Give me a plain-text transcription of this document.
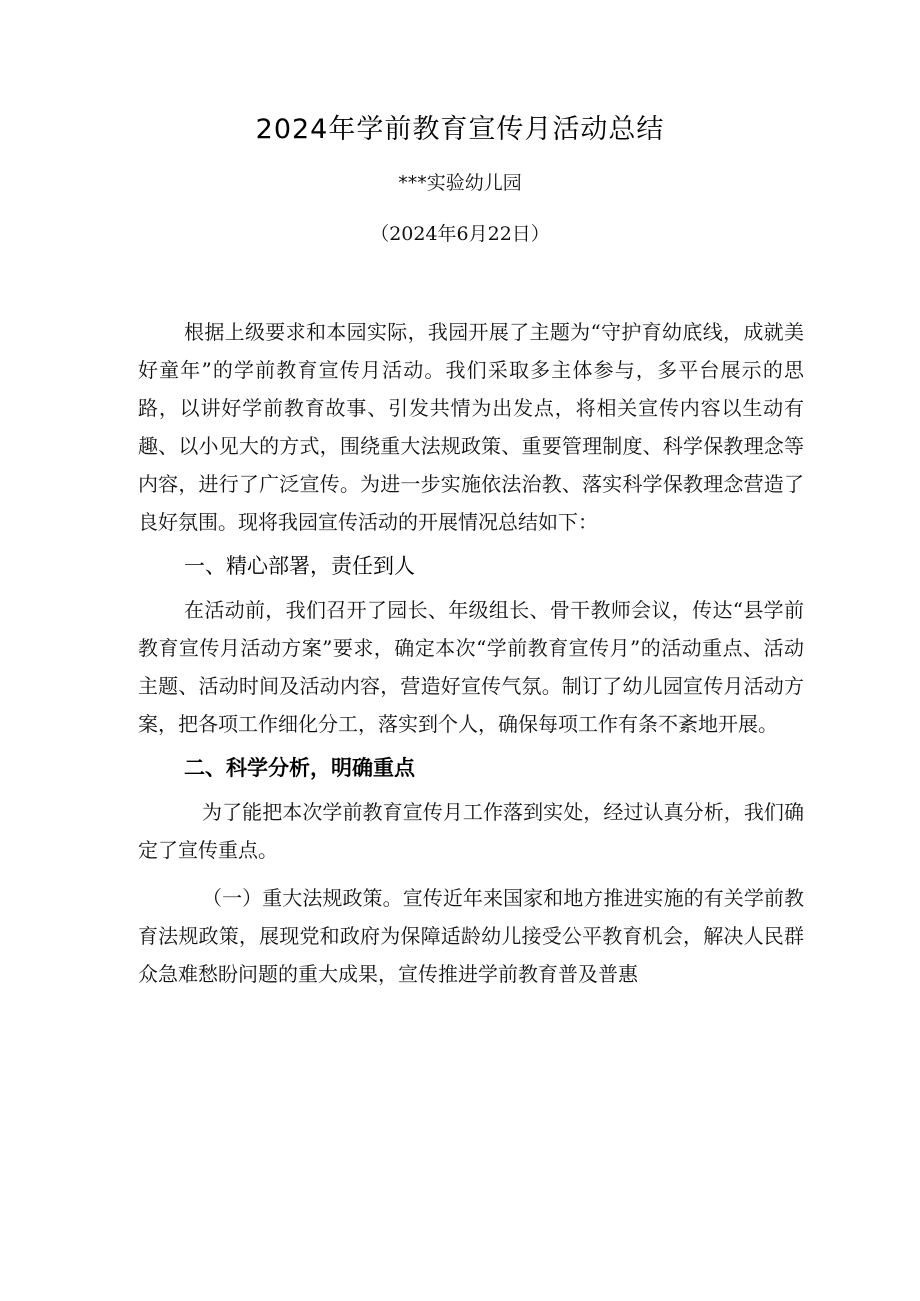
2024年学前教育宣传月活动总结
***实验幼儿园
（2024年6月22日）

根据上级要求和本园实际，我园开展了主题为“守护育幼底线，成就美好童年”的学前教育宣传月活动。我们采取多主体参与，多平台展示的思路，以讲好学前教育故事、引发共情为出发点，将相关宣传内容以生动有趣、以小见大的方式，围绕重大法规政策、重要管理制度、科学保教理念等内容，进行了广泛宣传。为进一步实施依法治教、落实科学保教理念营造了良好氛围。现将我园宣传活动的开展情况总结如下：

一、精心部署，责任到人

在活动前，我们召开了园长、年级组长、骨干教师会议，传达“县学前教育宣传月活动方案”要求，确定本次“学前教育宣传月”的活动重点、活动主题、活动时间及活动内容，营造好宣传气氛。制订了幼儿园宣传月活动方案，把各项工作细化分工，落实到个人，确保每项工作有条不紊地开展。

二、科学分析，明确重点

为了能把本次学前教育宣传月工作落到实处，经过认真分析，我们确定了宣传重点。

（一）重大法规政策。宣传近年来国家和地方推进实施的有关学前教育法规政策，展现党和政府为保障适龄幼儿接受公平教育机会，解决人民群众急难愁盼问题的重大成果，宣传推进学前教育普及普惠
